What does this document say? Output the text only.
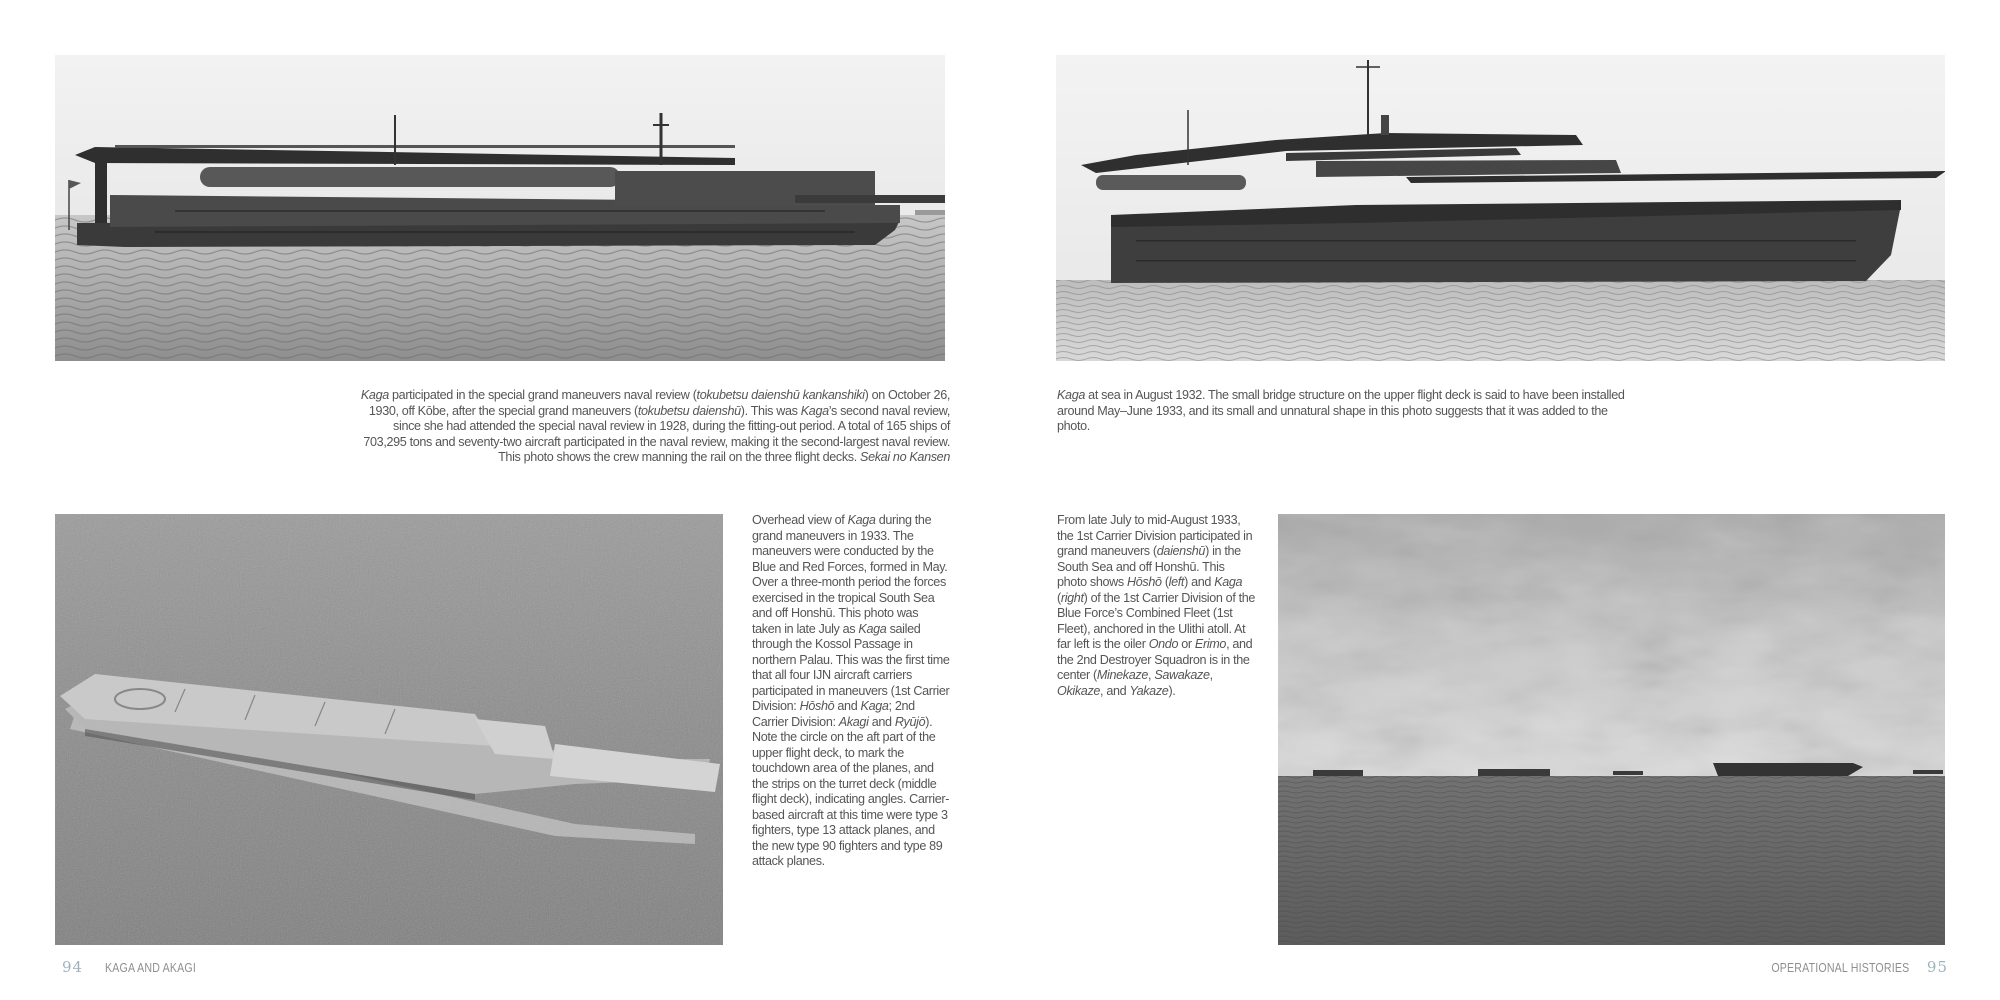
Kaga participated in the special grand maneuvers naval review (tokubetsu daienshū kankanshiki) on October 26, 1930, off Kōbe, after the special grand maneuvers (tokubetsu daienshū). This was Kaga’s second naval review, since she had attended the special naval review in 1928, during the fitting-out period. A total of 165 ships of 703,295 tons and seventy-two aircraft participated in the naval review, making it the second-largest naval review. This photo shows the crew manning the rail on the three flight decks. Sekai no Kansen
Kaga at sea in August 1932. The small bridge structure on the upper flight deck is said to have been installed around May–June 1933, and its small and unnatural shape in this photo suggests that it was added to the photo.
Overhead view of Kaga during the grand maneuvers in 1933. The maneuvers were conducted by the Blue and Red Forces, formed in May. Over a three-month period the forces exercised in the tropical South Sea and off Honshū. This photo was taken in late July as Kaga sailed through the Kossol Passage in northern Palau. This was the first time that all four IJN aircraft carriers participated in maneuvers (1st Carrier Division: Hōshō and Kaga; 2nd Carrier Division: Akagi and Ryūjō). Note the circle on the aft part of the upper flight deck, to mark the touchdown area of the planes, and the strips on the turret deck (middle flight deck), indicating angles. Carrier-based aircraft at this time were type 3 fighters, type 13 attack planes, and the new type 90 fighters and type 89 attack planes.
From late July to mid-August 1933, the 1st Carrier Division participated in grand maneuvers (daienshū) in the South Sea and off Honshū. This photo shows Hōshō (left) and Kaga (right) of the 1st Carrier Division of the Blue Force’s Combined Fleet (1st Fleet), anchored in the Ulithi atoll. At far left is the oiler Ondo or Erimo, and the 2nd Destroyer Squadron is in the center (Minekaze, Sawakaze, Okikaze, and Yakaze).
94 KAGA AND AKAGI	OPERATIONAL HISTORIES 95
